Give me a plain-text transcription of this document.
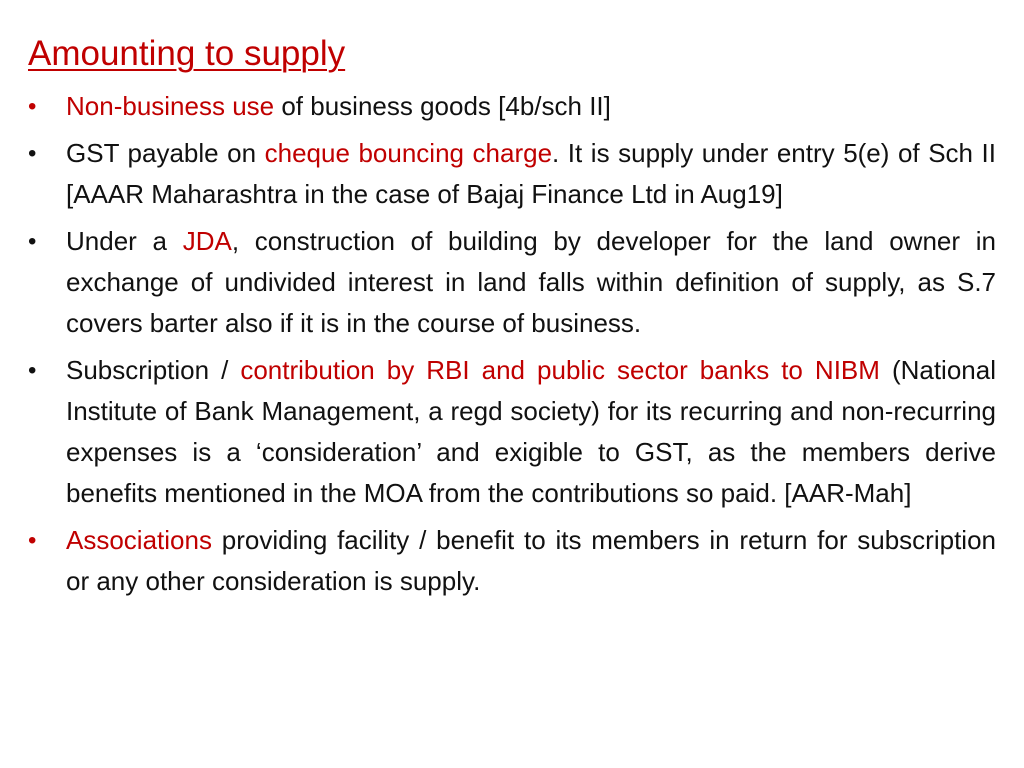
Amounting to supply
• Non-business use of business goods [4b/sch II]
• GST payable on cheque bouncing charge. It is supply under entry 5(e) of Sch II [AAAR Maharashtra in the case of Bajaj Finance Ltd in Aug19]
• Under a JDA, construction of building by developer for the land owner in exchange of undivided interest in land falls within definition of supply, as S.7 covers barter also if it is in the course of business.
• Subscription / contribution by RBI and public sector banks to NIBM (National Institute of Bank Management, a regd society) for its recurring and non-recurring expenses is a ‘consideration’ and exigible to GST, as the members derive benefits mentioned in the MOA from the contributions so paid. [AAR-Mah]
• Associations providing facility / benefit to its members in return for subscription or any other consideration is supply.
